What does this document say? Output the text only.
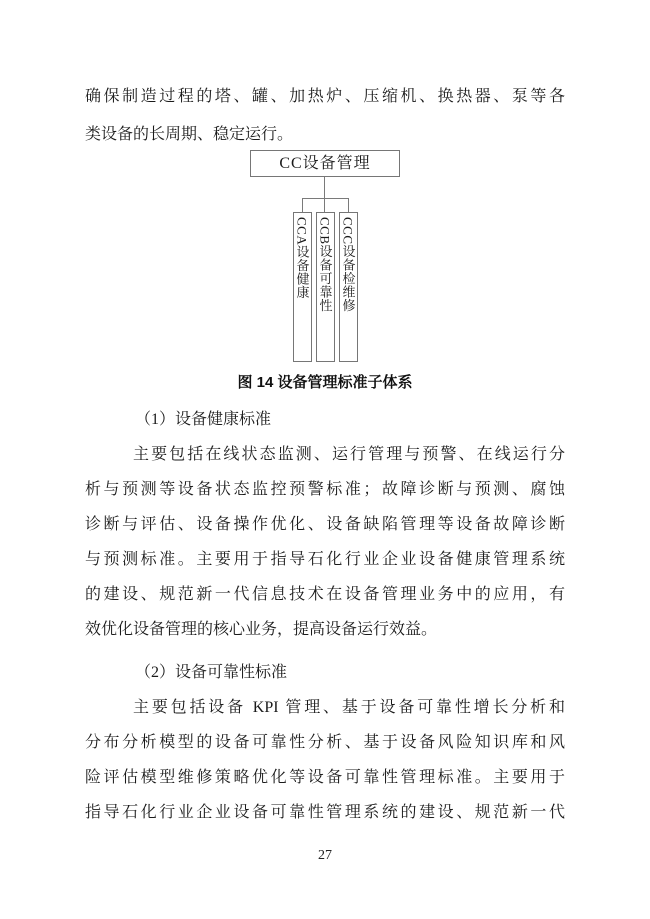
确保制造过程的塔、罐、加热炉、压缩机、换热器、泵等各
类设备的长周期、稳定运行。
CC设备管理
CCA设备健康 CCB设备可靠性 CCC设备检维修
图 14 设备管理标准子体系
（1）设备健康标准
主要包括在线状态监测、运行管理与预警、在线运行分
析与预测等设备状态监控预警标准；故障诊断与预测、腐蚀
诊断与评估、设备操作优化、设备缺陷管理等设备故障诊断
与预测标准。主要用于指导石化行业企业设备健康管理系统
的建设、规范新一代信息技术在设备管理业务中的应用，有
效优化设备管理的核心业务，提高设备运行效益。
（2）设备可靠性标准
主要包括设备 KPI 管理、基于设备可靠性增长分析和
分布分析模型的设备可靠性分析、基于设备风险知识库和风
险评估模型维修策略优化等设备可靠性管理标准。主要用于
指导石化行业企业设备可靠性管理系统的建设、规范新一代
27
